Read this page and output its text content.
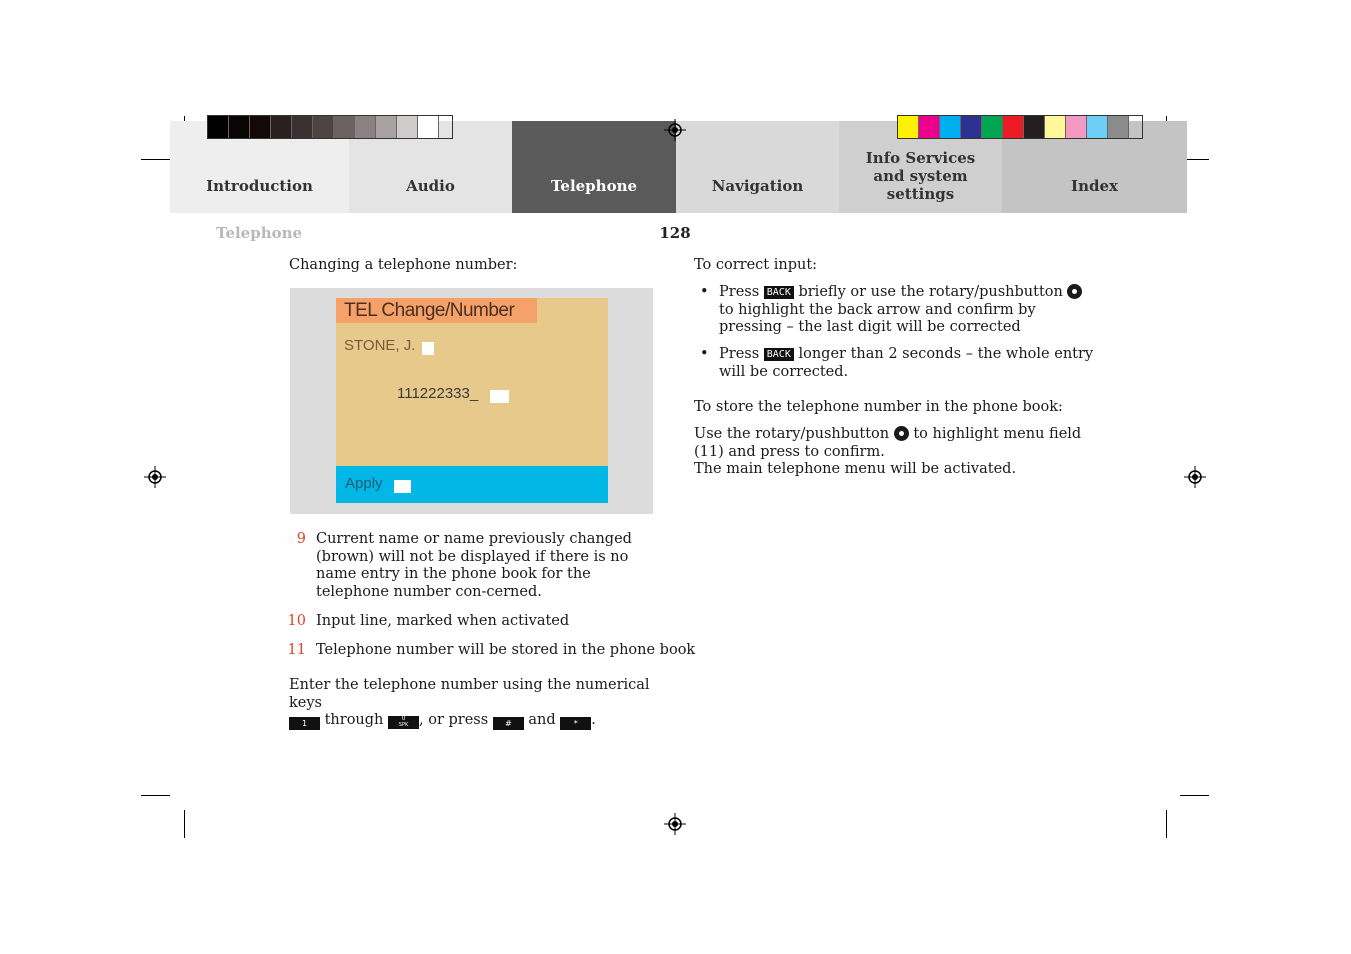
Introduction	Audio	Telephone	Navigation
Info Services and system settings	Index
Telephone	128
Changing a telephone number:
TEL Change/Number
STONE, J.
111222333_
Apply
9 Current name or name previously changed (brown) will not be displayed if there is no name entry in the phone book for the telephone number con-cerned.
10 Input line, marked when activated
11 Telephone number will be stored in the phone book
Enter the telephone number using the numerical keys
1 through	0
SPK , or press # and * .
To correct input:
• Press BACK briefly or use the rotary/pushbutton
to highlight the back arrow and confirm by
pressing – the last digit will be corrected
• Press BACK longer than 2 seconds – the whole entry
will be corrected.
To store the telephone number in the phone book:
Use the rotary/pushbutton to highlight menu field
(11) and press to confirm.
The main telephone menu will be activated.
